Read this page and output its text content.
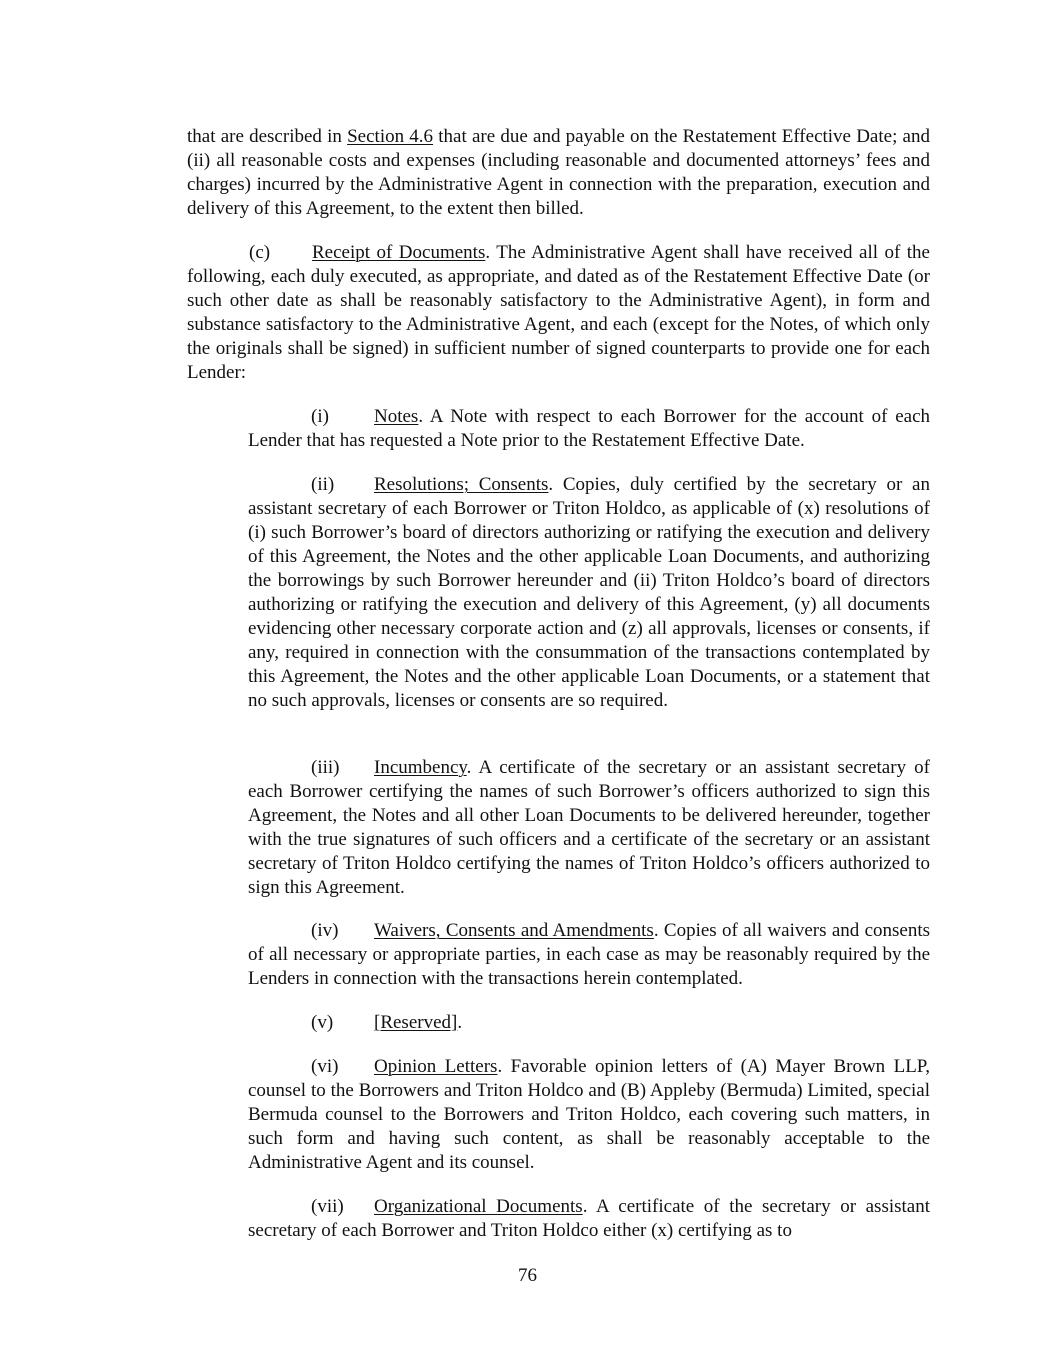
that are described in Section 4.6 that are due and payable on the Restatement Effective Date; and (ii) all reasonable costs and expenses (including reasonable and documented attorneys’ fees and charges) incurred by the Administrative Agent in connection with the preparation, execution and delivery of this Agreement, to the extent then billed.

(c) Receipt of Documents. The Administrative Agent shall have received all of the following, each duly executed, as appropriate, and dated as of the Restatement Effective Date (or such other date as shall be reasonably satisfactory to the Administrative Agent), in form and substance satisfactory to the Administrative Agent, and each (except for the Notes, of which only the originals shall be signed) in sufficient number of signed counterparts to provide one for each Lender:

(i) Notes. A Note with respect to each Borrower for the account of each Lender that has requested a Note prior to the Restatement Effective Date.

(ii) Resolutions; Consents. Copies, duly certified by the secretary or an assistant secretary of each Borrower or Triton Holdco, as applicable of (x) resolutions of (i) such Borrower’s board of directors authorizing or ratifying the execution and delivery of this Agreement, the Notes and the other applicable Loan Documents, and authorizing the borrowings by such Borrower hereunder and (ii) Triton Holdco’s board of directors authorizing or ratifying the execution and delivery of this Agreement, (y) all documents evidencing other necessary corporate action and (z) all approvals, licenses or consents, if any, required in connection with the consummation of the transactions contemplated by this Agreement, the Notes and the other applicable Loan Documents, or a statement that no such approvals, licenses or consents are so required.

(iii) Incumbency. A certificate of the secretary or an assistant secretary of each Borrower certifying the names of such Borrower’s officers authorized to sign this Agreement, the Notes and all other Loan Documents to be delivered hereunder, together with the true signatures of such officers and a certificate of the secretary or an assistant secretary of Triton Holdco certifying the names of Triton Holdco’s officers authorized to sign this Agreement.

(iv) Waivers, Consents and Amendments. Copies of all waivers and consents of all necessary or appropriate parties, in each case as may be reasonably required by the Lenders in connection with the transactions herein contemplated.

(v) [Reserved].

(vi) Opinion Letters. Favorable opinion letters of (A) Mayer Brown LLP, counsel to the Borrowers and Triton Holdco and (B) Appleby (Bermuda) Limited, special Bermuda counsel to the Borrowers and Triton Holdco, each covering such matters, in such form and having such content, as shall be reasonably acceptable to the Administrative Agent and its counsel.

(vii) Organizational Documents. A certificate of the secretary or assistant secretary of each Borrower and Triton Holdco either (x) certifying as to

76
